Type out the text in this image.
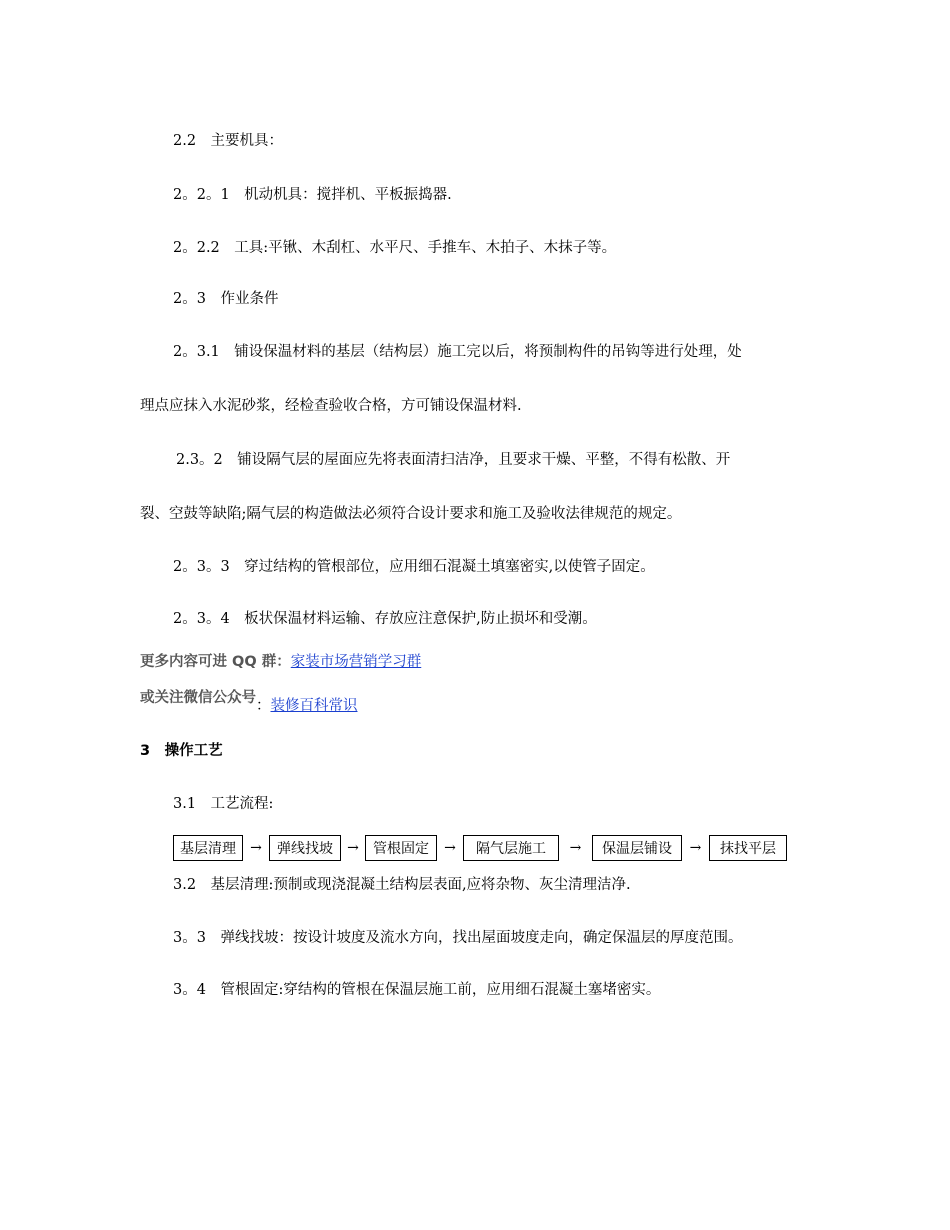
2.2　主要机具：
2。2。1　机动机具：搅拌机、平板振捣器.
2。2.2　工具:平锹、木刮杠、水平尺、手推车、木拍子、木抹子等。
2。3　作业条件
2。3.1　铺设保温材料的基层（结构层）施工完以后，将预制构件的吊钩等进行处理，处
理点应抹入水泥砂浆，经检查验收合格，方可铺设保温材料.
2.3。2　铺设隔气层的屋面应先将表面清扫洁净，且要求干燥、平整，不得有松散、开
裂、空鼓等缺陷;隔气层的构造做法必须符合设计要求和施工及验收法律规范的规定。
2。3。3　穿过结构的管根部位，应用细石混凝土填塞密实,以使管子固定。
2。3。4　板状保温材料运输、存放应注意保护,防止损坏和受潮。
更多内容可进 QQ 群：家装市场营销学习群
或关注微信公众号：装修百科常识
3　操作工艺
3.1　工艺流程:
基层清理	→	弹线找坡	→	管根固定	→	隔气层施工	→	保温层铺设	→	抹找平层
3.2　基层清理:预制或现浇混凝土结构层表面,应将杂物、灰尘清理洁净.
3。3　弹线找坡：按设计坡度及流水方向，找出屋面坡度走向，确定保温层的厚度范围。
3。4　管根固定:穿结构的管根在保温层施工前，应用细石混凝土塞堵密实。
